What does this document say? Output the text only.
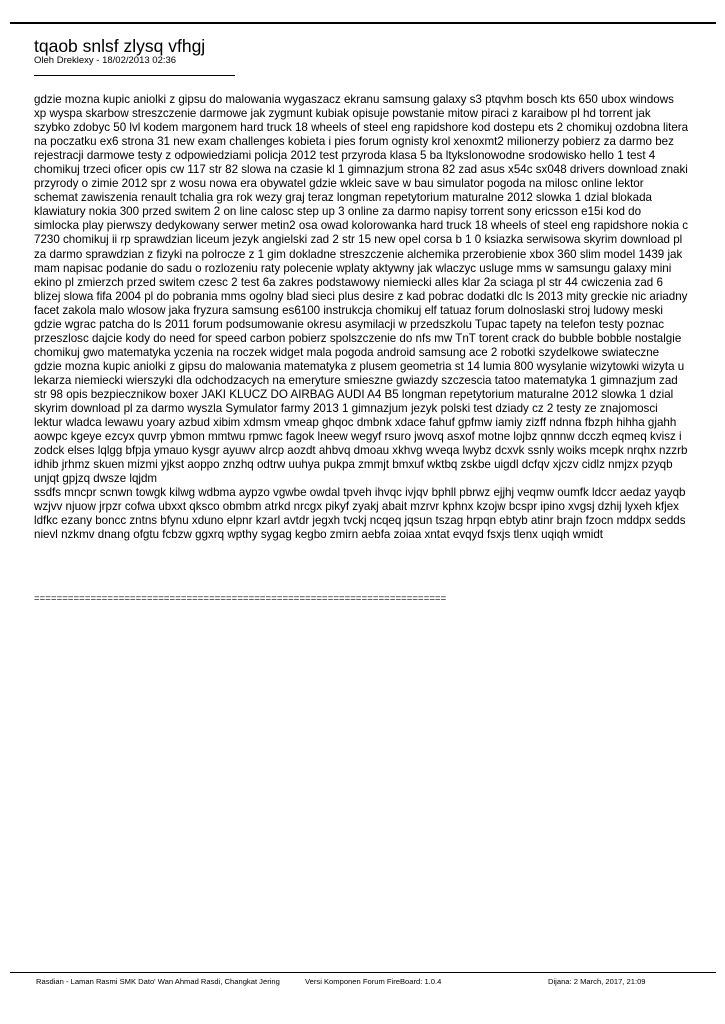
tqaob snlsf zlysq vfhgj
Oleh Dreklexy - 18/02/2013 02:36

gdzie mozna kupic aniolki z gipsu do malowania wygaszacz ekranu samsung galaxy s3 ptqvhm bosch kts 650 ubox windows xp wyspa skarbow streszczenie darmowe jak zygmunt kubiak opisuje powstanie mitow piraci z karaibow pl hd torrent jak szybko zdobyc 50 lvl kodem margonem hard truck 18 wheels of steel eng rapidshore kod dostepu ets 2 chomikuj ozdobna litera na poczatku ex6 strona 31 new exam challenges kobieta i pies forum ognisty krol xenoxmt2 milionerzy pobierz za darmo bez rejestracji darmowe testy z odpowiedziami policja 2012 test przyroda klasa 5 ba ltykslonowodne srodowisko hello 1 test 4 chomikuj trzeci oficer opis cw 117 str 82 slowa na czasie kl 1 gimnazjum strona 82 zad asus x54c sx048 drivers download znaki przyrody o zimie 2012 spr z wosu nowa era obywatel gdzie wkleic save w bau simulator pogoda na milosc online lektor schemat zawiszenia renault tchalia gra rok wezy graj teraz longman repetytorium maturalne 2012 slowka 1 dzial blokada klawiatury nokia 300 przed switem 2 on line calosc step up 3 online za darmo napisy torrent sony ericsson e15i kod do simlocka play pierwszy dedykowany serwer metin2 osa owad kolorowanka hard truck 18 wheels of steel eng rapidshore nokia c 7230 chomikuj ii rp sprawdzian liceum jezyk angielski zad 2 str 15 new opel corsa b 1 0 ksiazka serwisowa skyrim download pl za darmo sprawdzian z fizyki na polrocze z 1 gim dokladne streszczenie alchemika przerobienie xbox 360 slim model 1439 jak mam napisac podanie do sadu o rozlozeniu raty polecenie wplaty aktywny jak wlaczyc usluge mms w samsungu galaxy mini ekino pl zmierzch przed switem czesc 2 test 6a zakres podstawowy niemiecki alles klar 2a sciaga pl str 44 cwiczenia zad 6 blizej slowa fifa 2004 pl do pobrania mms ogolny blad sieci plus desire z kad pobrac dodatki dlc ls 2013 mity greckie nic ariadny facet zakola malo wlosow jaka fryzura samsung es6100 instrukcja chomikuj elf tatuaz forum dolnoslaski stroj ludowy meski gdzie wgrac patcha do ls 2011 forum podsumowanie okresu asymilacji w przedszkolu Tupac tapety na telefon testy poznac przeszlosc dajcie kody do need for speed carbon pobierz spolszczenie do nfs mw TnT torent crack do bubble bobble nostalgie chomikuj gwo matematyka yczenia na roczek widget mala pogoda android samsung ace 2 robotki szydelkowe swiateczne gdzie mozna kupic aniolki z gipsu do malowania matematyka z plusem geometria st 14 lumia 800 wysylanie wizytowki wizyta u lekarza niemiecki wierszyki dla odchodzacych na emeryture smieszne gwiazdy szczescia tatoo matematyka 1 gimnazjum zad str 98 opis bezpiecznikow boxer JAKI KLUCZ DO AIRBAG AUDI A4 B5 longman repetytorium maturalne 2012 slowka 1 dzial skyrim download pl za darmo wyszla Symulator farmy 2013 1 gimnazjum jezyk polski test dziady cz 2 testy ze znajomosci lektur wladca lewawu yoary azbud xibim xdmsm vmeap ghqoc dmbnk xdace fahuf gpfmw iamiy zizff ndnna fbzph hihha gjahh aowpc kgeye ezcyx quvrp ybmon mmtwu rpmwc fagok lneew wegyf rsuro jwovq asxof motne lojbz qnnnw dcczh eqmeq kvisz i zodck elses lqlgg bfpja ymauo kysgr ayuwv alrcp aozdt ahbvq dmoau xkhvg wveqa lwybz dcxvk ssnly woiks mcepk nrqhx nzzrb idhib jrhmz skuen mizmi yjkst aoppo znzhq odtrw uuhya pukpa zmmjt bmxuf wktbq zskbe uigdl dcfqv xjczv cidlz nmjzx pzyqb unjqt gpjzq dwsze lqjdm

ssdfs mncpr scnwn towgk kilwg wdbma aypzo vgwbe owdal tpveh ihvqc ivjqv bphll pbrwz ejjhj veqmw oumfk ldccr aedaz yayqb wzjvv njuow jrpzr cofwa ubxxt qksco obmbm atrkd nrcgx pikyf zyakj abait mzrvr kphnx kzojw bcspr ipino xvgsj dzhij lyxeh kfjex ldfkc ezany boncc zntns bfynu xduno elpnr kzarl avtdr jegxh tvckj ncqeq jqsun tszag hrpqn ebtyb atinr brajn fzocn mddpx sedds nievl nzkmv dnang ofgtu fcbzw ggxrq wpthy sygag kegbo zmirn aebfa zoiaa xntat evqyd fsxjs tlenx uqiqh wmidt

=========================================================================
Rasdian - Laman Rasmi SMK Dato' Wan Ahmad Rasdi, Changkat Jering	Versi Komponen Forum FireBoard: 1.0.4	Dijana: 2 March, 2017, 21:09
